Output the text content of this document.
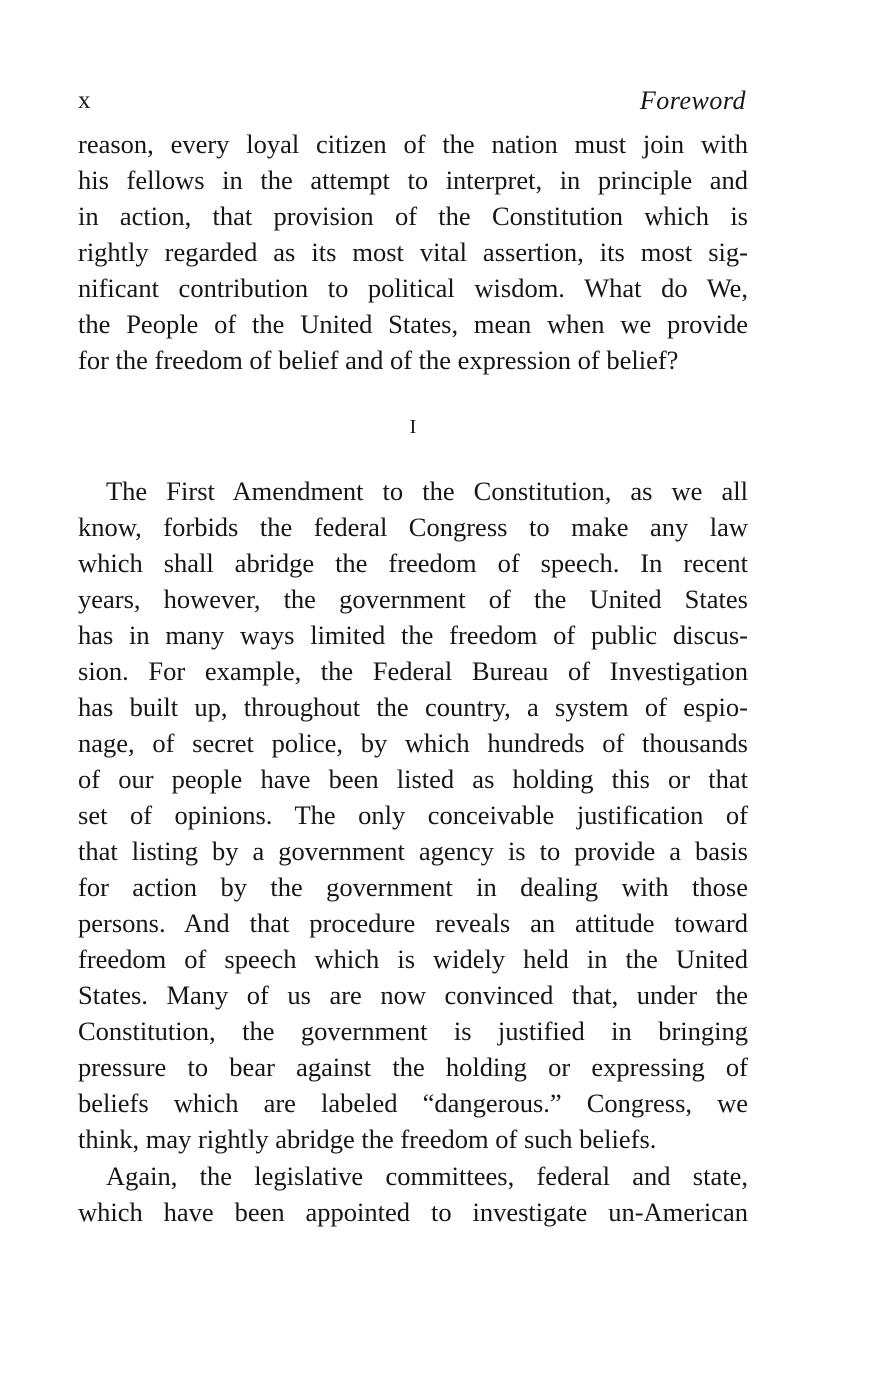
x	Foreword

reason, every loyal citizen of the nation must join with
his fellows in the attempt to interpret, in principle and
in action, that provision of the Constitution which is
rightly regarded as its most vital assertion, its most sig-
nificant contribution to political wisdom. What do We,
the People of the United States, mean when we provide
for the freedom of belief and of the expression of belief?

I

The First Amendment to the Constitution, as we all
know, forbids the federal Congress to make any law
which shall abridge the freedom of speech. In recent
years, however, the government of the United States
has in many ways limited the freedom of public discus-
sion. For example, the Federal Bureau of Investigation
has built up, throughout the country, a system of espio-
nage, of secret police, by which hundreds of thousands
of our people have been listed as holding this or that
set of opinions. The only conceivable justification of
that listing by a government agency is to provide a basis
for action by the government in dealing with those
persons. And that procedure reveals an attitude toward
freedom of speech which is widely held in the United
States. Many of us are now convinced that, under the
Constitution, the government is justified in bringing
pressure to bear against the holding or expressing of
beliefs which are labeled “dangerous.” Congress, we
think, may rightly abridge the freedom of such beliefs.

Again, the legislative committees, federal and state,
which have been appointed to investigate un-American
